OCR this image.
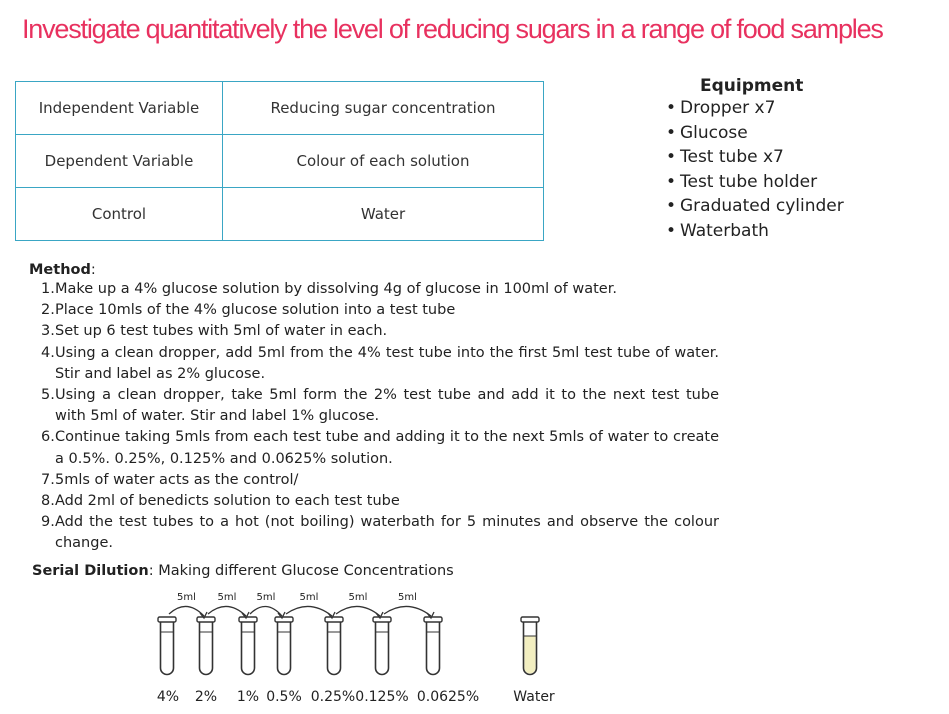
Investigate quantitatively the level of reducing sugars in a range of food samples
Independent Variable	Reducing sugar concentration
Dependent Variable	Colour of each solution
Control	Water
Equipment
• Dropper x7
• Glucose
• Test tube x7
• Test tube holder
• Graduated cylinder
• Waterbath
Method:
1. Make up a 4% glucose solution by dissolving 4g of glucose in 100ml of water.
2. Place 10mls of the 4% glucose solution into a test tube
3. Set up 6 test tubes with 5ml of water in each.
4. Using a clean dropper, add 5ml from the 4% test tube into the first 5ml test tube of water. Stir and label as 2% glucose.
5. Using a clean dropper, take 5ml form the 2% test tube and add it to the next test tube with 5ml of water. Stir and label 1% glucose.
6. Continue taking 5mls from each test tube and adding it to the next 5mls of water to create a 0.5%. 0.25%, 0.125% and 0.0625% solution.
7. 5mls of water acts as the control/
8. Add 2ml of benedicts solution to each test tube
9. Add the test tubes to a hot (not boiling) waterbath for 5 minutes and observe the colour change.
Serial Dilution: Making different Glucose Concentrations
4% 2% 1% 0.5% 0.25% 0.125% 0.0625% Water
5ml 5ml 5ml 5ml	5ml	5ml
